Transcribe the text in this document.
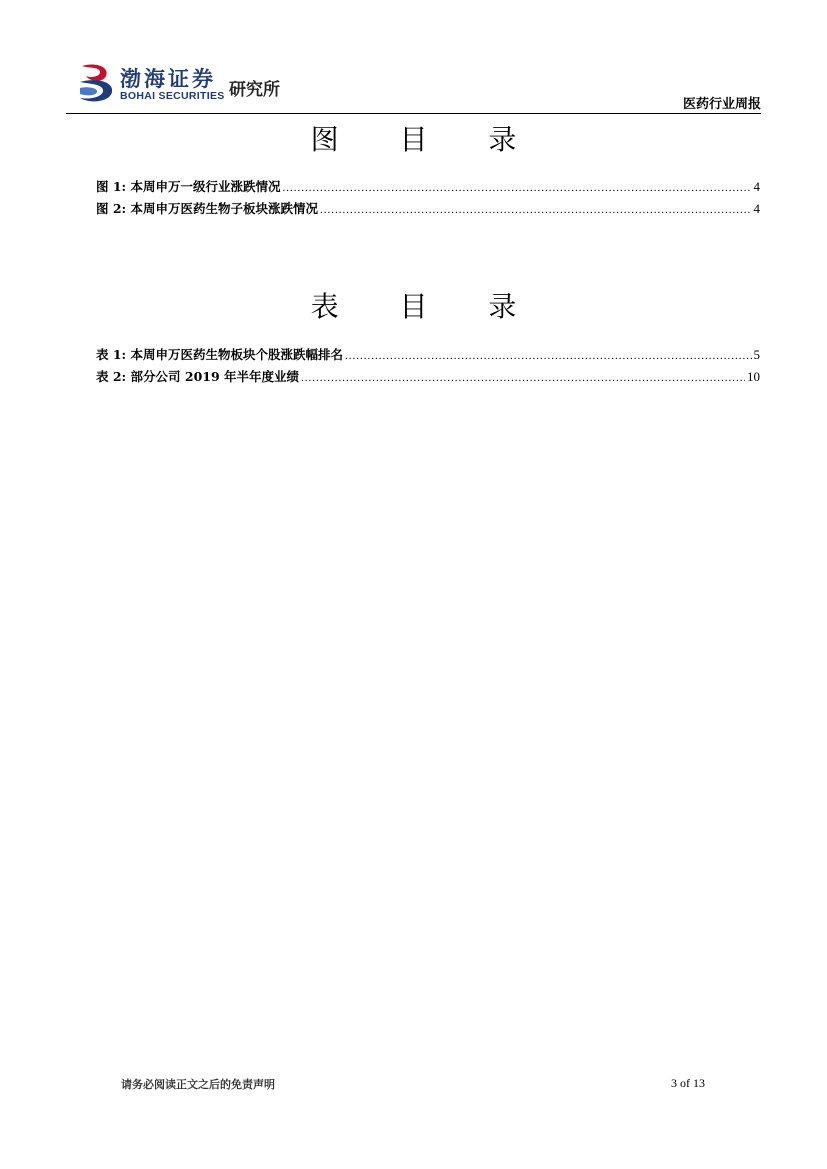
渤海证券
BOHAI SECURITIES 研究所
医药行业周报
图 目 录
图 1: 本周申万一级行业涨跌情况 .....	4
图 2: 本周申万医药生物子板块涨跌情况 .....	4
表 目 录
表 1: 本周申万医药生物板块个股涨跌幅排名 .....	5
表 2: 部分公司 2019 年半年度业绩 .....	10
请务必阅读正文之后的免责声明	3 of 13
